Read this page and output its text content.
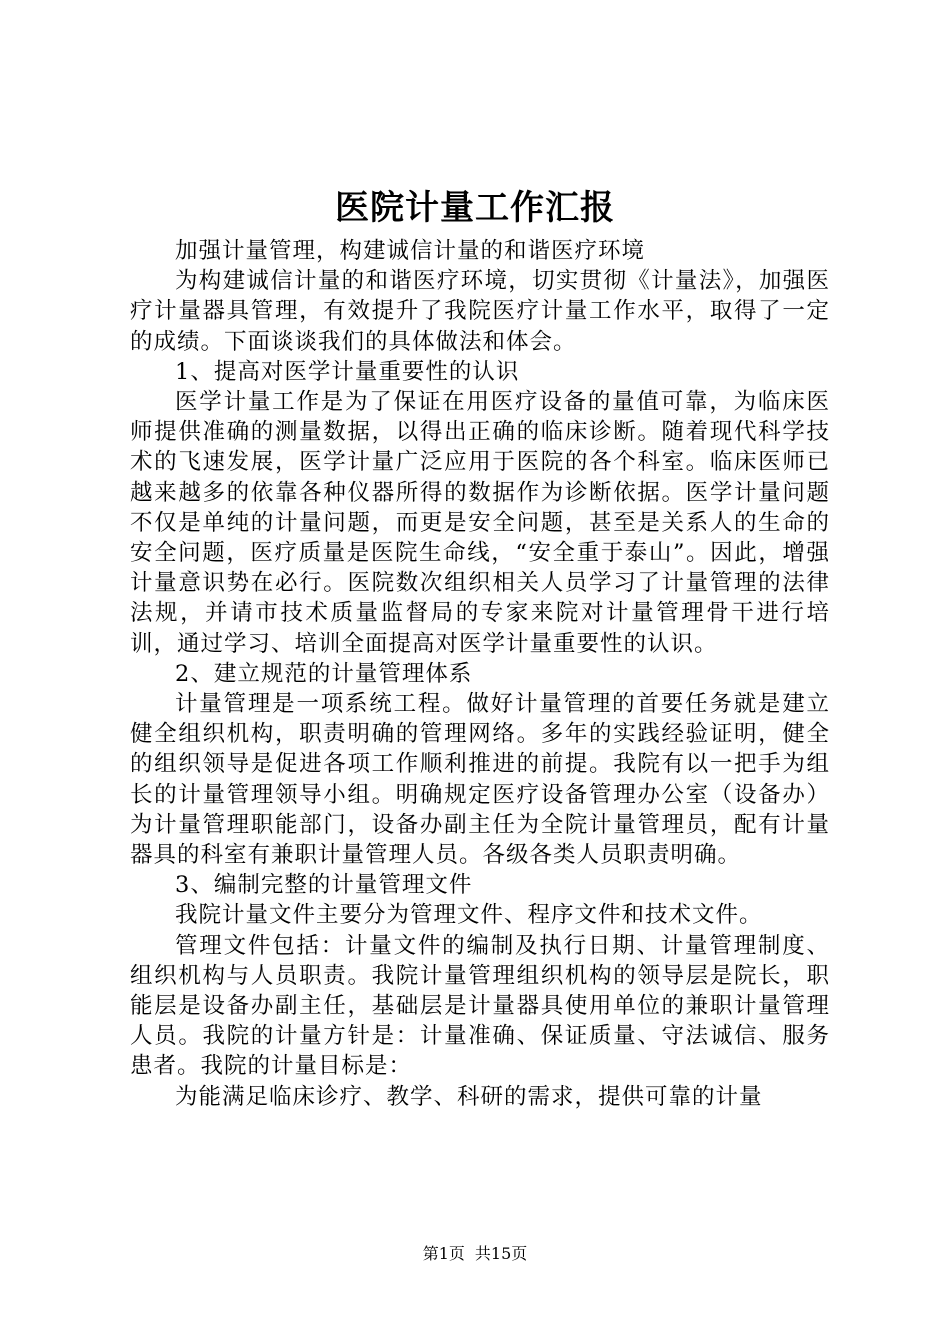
医院计量工作汇报

加强计量管理，构建诚信计量的和谐医疗环境

为构建诚信计量的和谐医疗环境，切实贯彻《计量法》，加强医疗计量器具管理，有效提升了我院医疗计量工作水平，取得了一定的成绩。下面谈谈我们的具体做法和体会。

1、提高对医学计量重要性的认识

医学计量工作是为了保证在用医疗设备的量值可靠，为临床医师提供准确的测量数据，以得出正确的临床诊断。随着现代科学技术的飞速发展，医学计量广泛应用于医院的各个科室。临床医师已越来越多的依靠各种仪器所得的数据作为诊断依据。医学计量问题不仅是单纯的计量问题，而更是安全问题，甚至是关系人的生命的安全问题，医疗质量是医院生命线，“安全重于泰山”。因此，增强计量意识势在必行。医院数次组织相关人员学习了计量管理的法律法规，并请市技术质量监督局的专家来院对计量管理骨干进行培训，通过学习、培训全面提高对医学计量重要性的认识。

2、建立规范的计量管理体系

计量管理是一项系统工程。做好计量管理的首要任务就是建立健全组织机构，职责明确的管理网络。多年的实践经验证明，健全的组织领导是促进各项工作顺利推进的前提。我院有以一把手为组长的计量管理领导小组。明确规定医疗设备管理办公室（设备办）为计量管理职能部门，设备办副主任为全院计量管理员，配有计量器具的科室有兼职计量管理人员。各级各类人员职责明确。

3、编制完整的计量管理文件

我院计量文件主要分为管理文件、程序文件和技术文件。

管理文件包括：计量文件的编制及执行日期、计量管理制度、组织机构与人员职责。我院计量管理组织机构的领导层是院长，职能层是设备办副主任，基础层是计量器具使用单位的兼职计量管理人员。我院的计量方针是：计量准确、保证质量、守法诚信、服务患者。我院的计量目标是：

为能满足临床诊疗、教学、科研的需求，提供可靠的计量

第1页 共15页
